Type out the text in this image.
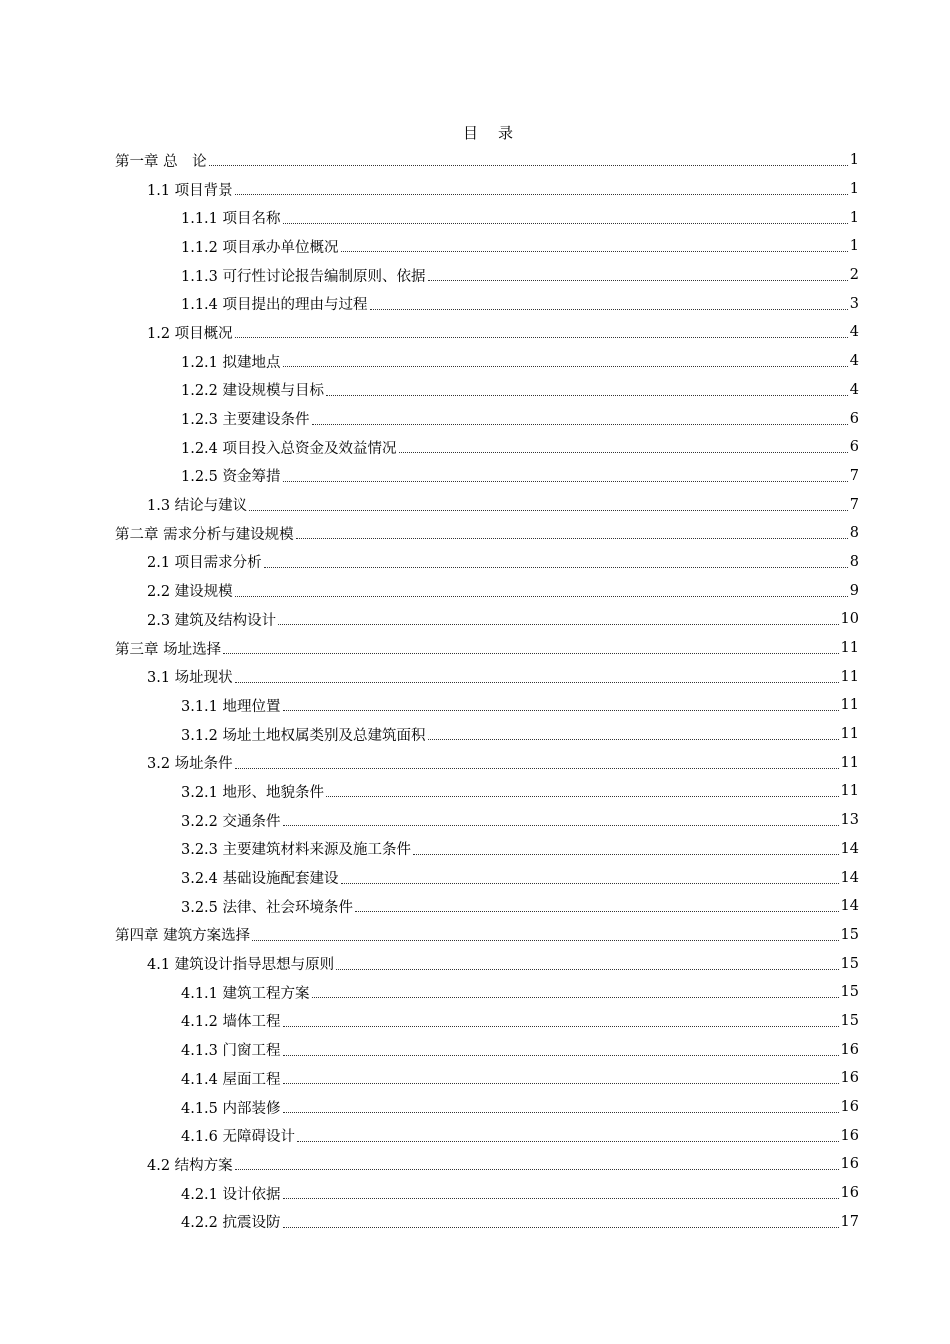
目 录
第一章 总　论	1
1.1 项目背景	1
1.1.1 项目名称	1
1.1.2 项目承办单位概况	1
1.1.3 可行性讨论报告编制原则、依据	2
1.1.4 项目提出的理由与过程	3
1.2 项目概况	4
1.2.1 拟建地点	4
1.2.2 建设规模与目标	4
1.2.3 主要建设条件	6
1.2.4 项目投入总资金及效益情况	6
1.2.5 资金筹措	7
1.3 结论与建议	7
第二章 需求分析与建设规模	8
2.1 项目需求分析	8
2.2 建设规模	9
2.3 建筑及结构设计	10
第三章 场址选择	11
3.1 场址现状	11
3.1.1 地理位置	11
3.1.2 场址土地权属类别及总建筑面积	11
3.2 场址条件	11
3.2.1 地形、地貌条件	11
3.2.2 交通条件	13
3.2.3 主要建筑材料来源及施工条件	14
3.2.4 基础设施配套建设	14
3.2.5 法律、社会环境条件	14
第四章 建筑方案选择	15
4.1 建筑设计指导思想与原则	15
4.1.1 建筑工程方案	15
4.1.2 墙体工程	15
4.1.3 门窗工程	16
4.1.4 屋面工程	16
4.1.5 内部装修	16
4.1.6 无障碍设计	16
4.2 结构方案	16
4.2.1 设计依据	16
4.2.2 抗震设防	17
